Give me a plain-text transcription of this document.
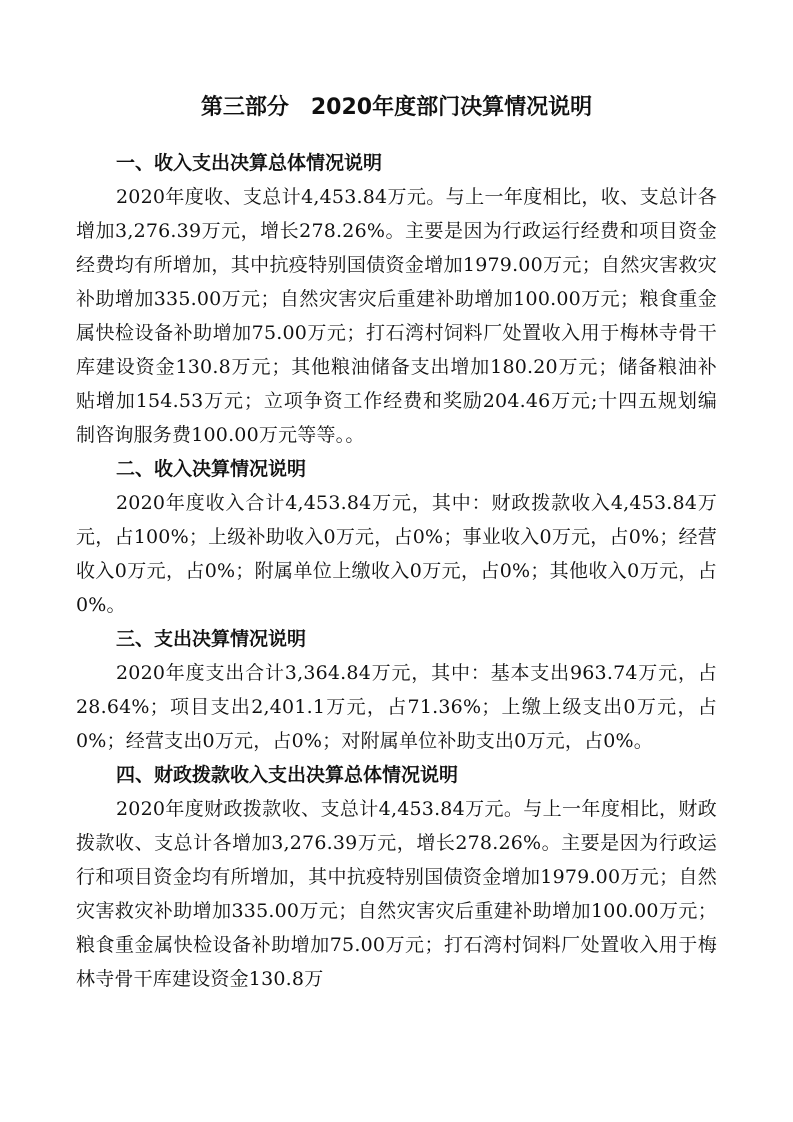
第三部分　2020年度部门决算情况说明

一、收入支出决算总体情况说明

2020年度收、支总计4,453.84万元。与上一年度相比，收、支总计各增加3,276.39万元，增长278.26%。主要是因为行政运行经费和项目资金经费均有所增加，其中抗疫特别国债资金增加1979.00万元；自然灾害救灾补助增加335.00万元；自然灾害灾后重建补助增加100.00万元；粮食重金属快检设备补助增加75.00万元；打石湾村饲料厂处置收入用于梅林寺骨干库建设资金130.8万元；其他粮油储备支出增加180.20万元；储备粮油补贴增加154.53万元；立项争资工作经费和奖励204.46万元;十四五规划编制咨询服务费100.00万元等等。。

二、收入决算情况说明

2020年度收入合计4,453.84万元，其中：财政拨款收入4,453.84万元，占100%；上级补助收入0万元，占0%；事业收入0万元，占0%；经营收入0万元，占0%；附属单位上缴收入0万元，占0%；其他收入0万元，占0%。

三、支出决算情况说明

2020年度支出合计3,364.84万元，其中：基本支出963.74万元，占28.64%；项目支出2,401.1万元，占71.36%；上缴上级支出0万元，占0%；经营支出0万元，占0%；对附属单位补助支出0万元，占0%。

四、财政拨款收入支出决算总体情况说明

2020年度财政拨款收、支总计4,453.84万元。与上一年度相比，财政拨款收、支总计各增加3,276.39万元，增长278.26%。主要是因为行政运行和项目资金均有所增加，其中抗疫特别国债资金增加1979.00万元；自然灾害救灾补助增加335.00万元；自然灾害灾后重建补助增加100.00万元；粮食重金属快检设备补助增加75.00万元；打石湾村饲料厂处置收入用于梅林寺骨干库建设资金130.8万
